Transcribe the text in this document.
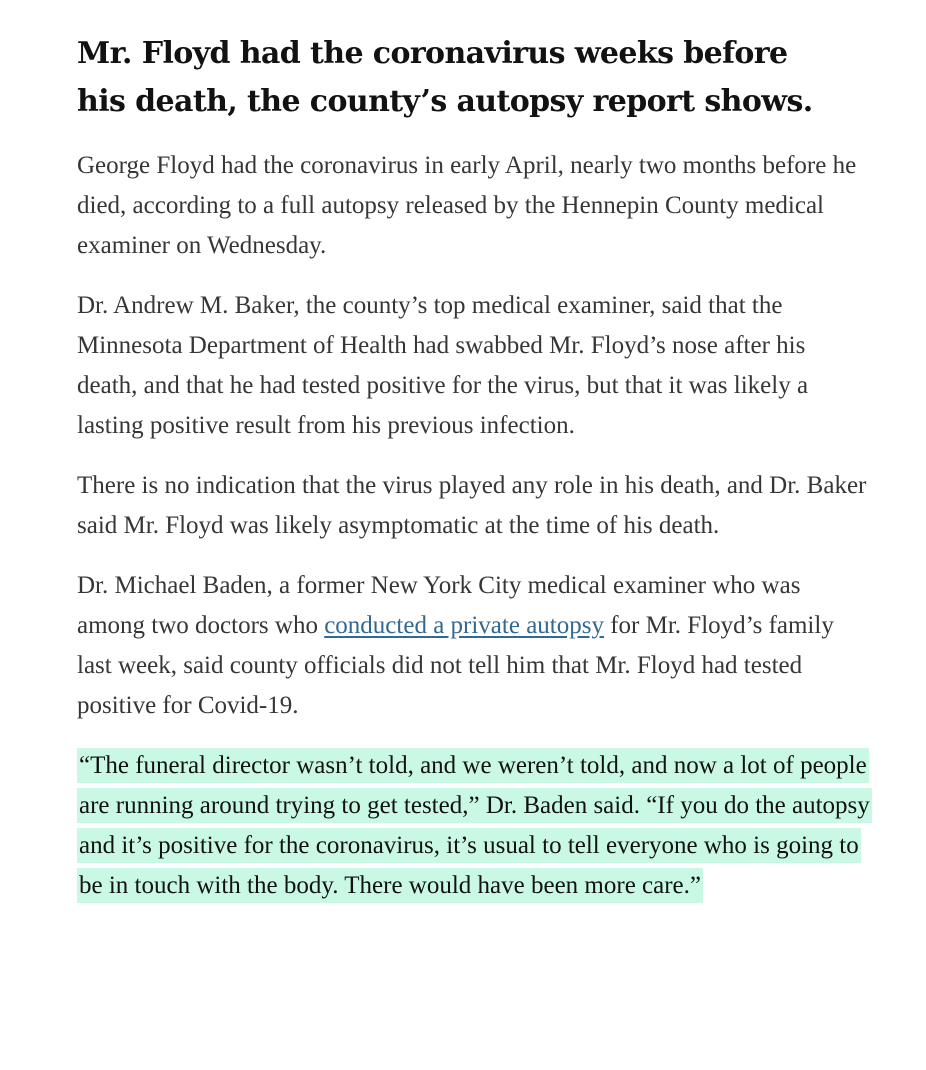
Mr. Floyd had the coronavirus weeks before his death, the county’s autopsy report shows.

George Floyd had the coronavirus in early April, nearly two months before he died, according to a full autopsy released by the Hennepin County medical examiner on Wednesday.

Dr. Andrew M. Baker, the county’s top medical examiner, said that the Minnesota Department of Health had swabbed Mr. Floyd’s nose after his death, and that he had tested positive for the virus, but that it was likely a lasting positive result from his previous infection.

There is no indication that the virus played any role in his death, and Dr. Baker said Mr. Floyd was likely asymptomatic at the time of his death.

Dr. Michael Baden, a former New York City medical examiner who was among two doctors who conducted a private autopsy for Mr. Floyd’s family last week, said county officials did not tell him that Mr. Floyd had tested positive for Covid-19.

“The funeral director wasn’t told, and we weren’t told, and now a lot of people are running around trying to get tested,” Dr. Baden said. “If you do the autopsy and it’s positive for the coronavirus, it’s usual to tell everyone who is going to be in touch with the body. There would have been more care.”
